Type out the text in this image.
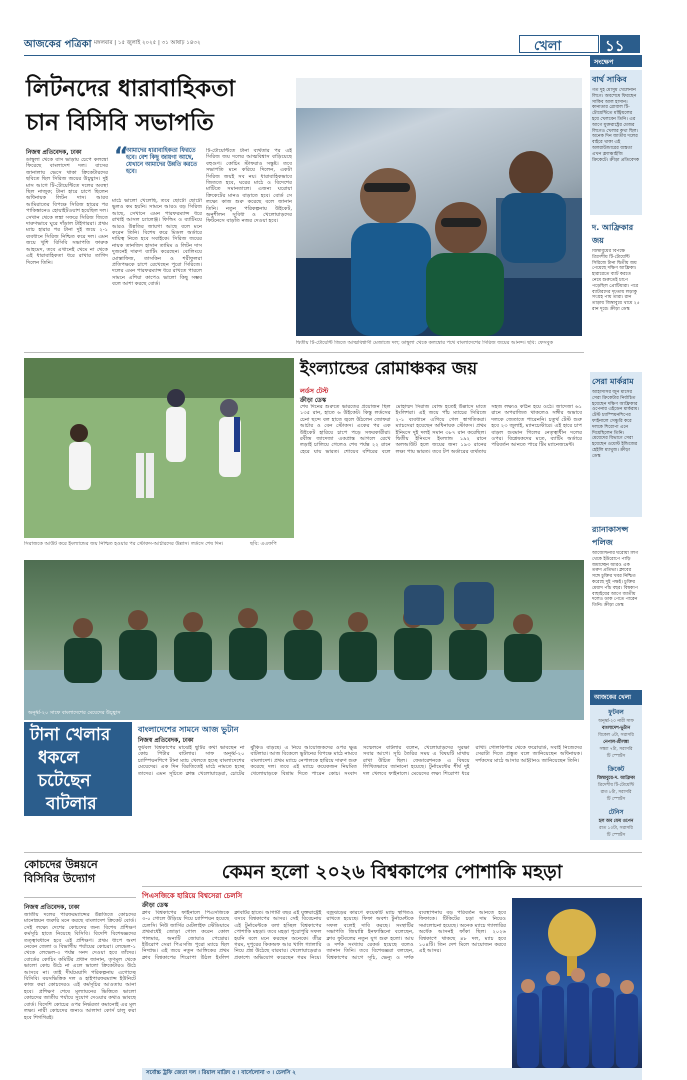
আজকের পত্রিকা মঙ্গলবার | ১৫ জুলাই ২০২৫ | ৩১ আষাঢ় ১৪৩২	খেলা	১১
লিটনদের ধারাবাহিকতা
চান বিসিবি সভাপতি
নিজস্ব প্রতিবেদক, ঢাকা
ডাম্বুলা থেকে বাস ভাড়ায় চেপে কলম্বো ফিরেছে বাংলাদেশ দল। বাসের জানালায় ভেসে থাকা ক্রিকেটারদের ছবিতে ছিল সিরিজ জয়ের উচ্ছ্বাস। দুই মাস আগে টি-টোয়েন্টিতে দলের অবস্থা ছিল নাজুক; টানা হারে চাপে ছিলেন অধিনায়ক লিটন দাস। আরব আমিরাতের বিপক্ষে সিরিজ হারের পর পাকিস্তানেও হোয়াইটওয়াশ হয়েছিল দল। সেখান থেকে লঙ্কা সফরে সিরিজ জিতে দারুণভাবে ঘুরে দাঁড়াল টাইগাররা। প্রথম ম্যাচ হারার পর টানা দুই জয়ে ২-১ ব্যবধানে সিরিজ নিশ্চিত করে দল। এমন জয়ে খুশি বিসিবি সভাপতি ফারুক আহমেদ, তবে এখানেই থেমে না থেকে এই ধারাবাহিকতা ধরে রাখার তাগিদ দিলেন তিনি।
“
আমাদের ধারাবাহিকতা ফিরতে হবে। বেশ কিছু জায়গা আছে, যেখানে আমাদের উন্নতি করতে হবে।
মাঠে ভালো খেলেছি, তবে ছোটো ছোটো ভুলও কম হয়নি। সামনে আরও বড় সিরিজ আছে, সেখানে এমন পারফরম্যান্স ধরে রাখাই আসল চ্যালেঞ্জ। ফিল্ডিং ও ব্যাটিংয়ে আরও উন্নতির জায়গা আছে বলে মনে করেন তিনি। বিশেষ করে মিডল অর্ডারে দায়িত্ব নিতে হবে সবাইকে। সিরিজ জয়ের নায়ক তানজিদ হাসান তামিম ও লিটন দাস দুজনেই দারুণ ব্যাটিং করেছেন। বোলিংয়ে মোস্তাফিজ, তাসকিন ও শরীফুলরা প্রতিপক্ষকে চাপে রেখেছেন পুরো সিরিজে। দলের এমন পারফরম্যান্স ধরে রাখতে পারলে সামনে এশিয়া কাপেও ভালো কিছু সম্ভব বলে আশা করছে বোর্ড।
টি-টোয়েন্টিতে টানা ব্যর্থতার পর এই সিরিজ জয় দলের আত্মবিশ্বাস বাড়িয়েছে বহুগুণ। কোচিং স্টাফরাও সন্তুষ্ট। তবে সভাপতি মনে করিয়ে দিলেন, একটা সিরিজ জয়ই সব নয়। ধারাবাহিকভাবে জিততে হবে, ঘরের মাঠে ও বিদেশের মাটিতে সমানতালে। এজন্য ঘরোয়া ক্রিকেটের মানও বাড়াতে হবে। বোর্ড সে লক্ষ্যে কাজ শুরু করেছে বলে জানান তিনি। নতুন পরিকল্পনায় উইকেট, অনুশীলন সুবিধা ও খেলোয়াড়দের ফিটনেসে বাড়তি নজর দেওয়া হবে।
দ্বিতীয় টি-টোয়েন্টি জিতে আত্মবিশ্বাসী মেজাজে দল; ডাম্বুলা থেকে কলম্বোর পথে বাংলাদেশের সিরিজ জয়ের আনন্দ। ছবি: ফেসবুক
সংক্ষেপ
বার্থ সাকিব
গত দুই মৌসুম খেলেননি লিগে। অবশেষে ফিরছেন সাকিব আল হাসান। কানাডার গ্লোবাল টি-টোয়েন্টিতে মন্ট্রিয়লের হয়ে খেলবেন তিনি। এর আগে যুক্তরাষ্ট্রের মেজর লিগেও খেলার কথা ছিল। অনেক দিন জাতীয় দলের বাইরে থাকা এই অলরাউন্ডারের ব্যস্ততা এখন ফ্র্যাঞ্চাইজি ক্রিকেটে। ক্রীড়া প্রতিবেদক
দ. আফ্রিকার জয়
জিম্বাবুয়ের বিপক্ষে ত্রিদেশীয় টি-টোয়েন্টি সিরিজে টানা দ্বিতীয় জয় পেয়েছে দক্ষিণ আফ্রিকা। হারারেতে ব্যাট করতে নেমে শুরুতেই চাপে পড়েছিল প্রোটিয়ারা। পরে ব্যাটারদের দৃঢ়তায় লড়াকু সংগ্রহ পায় তারা। রান তাড়ায় জিম্বাবুয়ে থামে ২৫ রান দূরে। ক্রীড়া ডেস্ক
সেরা মার্করাম
আইসিসির জুন মাসের সেরা ক্রিকেটার নির্বাচিত হয়েছেন দক্ষিণ আফ্রিকার ওপেনার এইডেন মার্করাম। টেস্ট চ্যাম্পিয়নশিপের ফাইনালে সেঞ্চুরি করে দলকে শিরোপা এনে দিয়েছিলেন তিনি। মেয়েদের বিভাগে সেরা হয়েছেন ওয়েস্ট ইন্ডিজের হেইলি ম্যাথুজ। ক্রীড়া ডেস্ক
র‍্যানাকাসপ্স পলিজ
আর্জেন্টিনার ঘরোয়া লিগ থেকে ইউরোপে পাড়ি জমাচ্ছেন আরও এক তরুণ প্রতিভা। ক্লাবের সঙ্গে চুক্তির খবর নিশ্চিত করেছে দুই পক্ষই। চুক্তির মেয়াদ পাঁচ বছর। বিশ্বকাপ বাছাইয়ের আগে জাতীয় দলেও ডাক পেতে পারেন তিনি। ক্রীড়া ডেস্ক
সিরাজকে আউট করে ইংল্যান্ডের জয় নিশ্চিত হওয়ার পর স্টোকস-আর্চারদের উল্লাস। লর্ডসে শেষ দিন।	ছবি: এএফপি
ইংল্যান্ডের রোমাঞ্চকর জয়
লর্ডস টেস্ট
ক্রীড়া ডেস্ক
শেষ দিনের শুরুতে ভারতের প্রয়োজন ছিল ১৩৫ রান, হাতে ৬ উইকেট। কিন্তু লর্ডসের চেনা ছন্দে বল হাতে জ্বলে উঠলেন জোফরা আর্চার ও বেন স্টোকস। একের পর এক উইকেট হারিয়ে চাপে পড়ে সফরকারীরা। রবীন্দ্র জাদেজা একপ্রান্ত আগলে রেখে লড়াই চালিয়ে গেলেও শেষ পর্যন্ত ২২ রানে হেরে যায় ভারত। শোয়েব বশিরের বলে মোহাম্মদ সিরাজ বোল্ড হতেই উল্লাসে মাতে ইংলিশরা। এই জয়ে পাঁচ ম্যাচের সিরিজে ২-১ ব্যবধানে এগিয়ে গেল স্বাগতিকরা। ম্যাচসেরা হয়েছেন অধিনায়ক স্টোকস। প্রথম ইনিংসে দুই দলই সমান ৩৮৭ রান করেছিল। দ্বিতীয় ইনিংসে ইংল্যান্ড ১৯২ রানে অলআউট হলে জয়ের জন্য ১৯৩ রানের লক্ষ্য পায় ভারত। তবে টপ অর্ডারের ব্যর্থতায় সহজ লক্ষ্যও কঠিন হয়ে ওঠে। জাদেজা ৬১ রানে অপরাজিত থাকলেও সঙ্গীর অভাবে দলকে জেতাতে পারেননি। চতুর্থ টেস্ট শুরু হবে ২৩ জুলাই, ম্যানচেস্টারে। এই হারে চাপ বাড়ল শুবমান গিলের নেতৃত্বাধীন দলের ওপর। বিশ্লেষকদের মতে, ব্যাটিং অর্ডারে পরিবর্তন আনতে পারে টিম ম্যানেজমেন্ট।
অনূর্ধ্ব-২০ সাফে বাংলাদেশের মেয়েদের উচ্ছ্বাস
টানা খেলার
ধকলে
চটেছেন
বাটলার
বাংলাদেশের সামনে আজ ভুটান
নিজস্ব প্রতিবেদক, ঢাকা
ফুটবল বিশ্বকাপের মাঝেই ছুটির কথা ভাবছেন না কোচ পিটার বাটলার। সাফ অনূর্ধ্ব-২০ চ্যাম্পিয়নশিপে টানা ম্যাচ খেলতে হচ্ছে বাংলাদেশের মেয়েদের। এক দিন বিরতিতেই মাঠে নামতে হচ্ছে তাদের। এমন সূচিতে ক্লান্ত খেলোয়াড়েরা, চোটের ঝুঁকিও বাড়ছে। এ নিয়ে আয়োজকদের ওপর ক্ষুব্ধ বাটলার। আজ বিকেলে ভুটানের বিপক্ষে মাঠে নামবে বাংলাদেশ। প্রথম ম্যাচে নেপালকে হারিয়ে দারুণ শুরু করেছে দল। তবে এই ম্যাচে কয়েকজন নিয়মিত খেলোয়াড়কে বিশ্রাম দিতে পারেন কোচ। সংবাদ সম্মেলনে বাটলার বলেন, খেলোয়াড়দের সুরক্ষা সবার আগে। সূচি তৈরির সময় এ বিষয়টি মাথায় রাখা উচিত ছিল। ফেডারেশনকে এ বিষয়ে লিখিতভাবে জানানো হয়েছে। টুর্নামেন্টের শীর্ষ দুই দল খেলবে ফাইনালে। মেয়েদের লক্ষ্য শিরোপা ধরে রাখা। গোলকিপার থেকে ফরোয়ার্ড, সবাই নিজেদের সেরাটা দিতে প্রস্তুত বলে জানিয়েছেন অধিনায়ক। দর্শকদের মাঠে আসার আহ্বানও জানিয়েছেন তিনি।
আজকের খেলা
ফুটবল
অনূর্ধ্ব-২০ নারী সাফ
বাংলাদেশ-ভুটান
বিকেল ৫টা, সরাসরি
নেপাল-শ্রীলঙ্কা
সন্ধ্যা ৭টা, সরাসরি
টি স্পোর্টস
ক্রিকেট
জিম্বাবুয়ে-দ. আফ্রিকা
ত্রিদেশীয় টি-টোয়েন্টি
রাত ৮টা, সরাসরি
টি স্পোর্টস
টেনিস
হল অব ফেম ওপেন
রাত ১০টা, সরাসরি
টি স্পোর্টস
কোচদের উন্নয়নে
বিসিবির উদ্যোগ
নিজস্ব প্রতিবেদক, ঢাকা
জাতীয় দলের পারফরম্যান্সের উন্নতিতে কোচদের মানোন্নয়ন জরুরি মনে করছে বাংলাদেশ ক্রিকেট বোর্ড। সেই লক্ষ্যে দেশের কোচদের জন্য বিশেষ প্রশিক্ষণ কর্মসূচি হাতে নিয়েছে বিসিবি। বিদেশি বিশেষজ্ঞদের তত্ত্বাবধানে হবে এই প্রশিক্ষণ। প্রথম ধাপে অংশ নেবেন জেলা ও বিভাগীয় পর্যায়ের কোচরা। লেভেল-১ থেকে লেভেল-৩ পর্যন্ত সনদ দেওয়া হবে তাঁদের। বোর্ডের কোচিং কমিটির প্রধান জানান, তৃণমূল থেকে ভালো কোচ উঠে না এলে ভালো ক্রিকেটারও উঠে আসবে না। তাই দীর্ঘমেয়াদি পরিকল্পনায় এগোচ্ছে বিসিবি। বয়সভিত্তিক দল ও হাইপারফরম্যান্স ইউনিটে কাজ করা কোচদেরও এই কর্মসূচির আওতায় আনা হবে। প্রশিক্ষণ শেষে মূল্যায়নের ভিত্তিতে ভালো কোচদের জাতীয় পর্যায়ে সুযোগ দেওয়ার কথাও ভাবছে বোর্ড। বিদেশি কোচের ওপর নির্ভরতা কমানোই এর মূল লক্ষ্য। নারী কোচদের জন্যও আলাদা কোর্স চালু করা হবে শিগগিরই।
কেমন হলো ২০২৬ বিশ্বকাপের পোশাকি মহড়া
পিএসজিকে হারিয়ে বিশ্বসেরা চেলসি
ক্রীড়া ডেস্ক
ক্লাব বিশ্বকাপের ফাইনালে পিএসজিকে ৩-০ গোলে উড়িয়ে দিয়ে চ্যাম্পিয়ন হয়েছে চেলসি। নিউ জার্সির মেটলাইফ স্টেডিয়ামে প্রথমার্ধেই জোড়া গোল করেন কোল পালমার, অন্যটি জোয়াও পেদ্রোর। ইউরোপ সেরা পিএসজি পুরো ম্যাচে ছিল নিষ্প্রভ। এই জয়ে নতুন আঙ্গিকের প্রথম ক্লাব বিশ্বকাপের শিরোপা উঠল ইংলিশ ক্লাবটির হাতে। আগামী বছর এই যুক্তরাষ্ট্রেই বসবে বিশ্বকাপের আসর। সেই বিবেচনায় এই টুর্নামেন্টকে বলা হচ্ছিল বিশ্বকাপের পোশাকি মহড়া। তবে মহড়া পুরোপুরি সফল হয়নি বলে মনে করছেন অনেকে। তীব্র গরম, দুপুরের কিকঅফ আর খালি গ্যালারি নিয়ে প্রশ্ন উঠেছে বারবার। খেলোয়াড়েরাও প্রকাশ্যে অভিযোগ করেছেন গরম নিয়ে। বজ্রঝড়ের কারণে কয়েকটি ম্যাচ স্থগিতও রাখতে হয়েছে। ফিফা অবশ্য টুর্নামেন্টকে সফল বলেই দাবি করছে। সংস্থাটির সভাপতি জিয়ান্নি ইনফান্তিনো বলেছেন, ক্লাব ফুটবলের নতুন যুগ শুরু হলো। আয় ও দর্শক সংখ্যায় রেকর্ড হয়েছে বলেও জানান তিনি। তবে বিশেষজ্ঞরা বলছেন, বিশ্বকাপের আগে সূচি, ভেন্যু ও দর্শক ব্যবস্থাপনায় বড় পরিবর্তন আনতে হবে ফিফাকে। টিকিটের চড়া দাম নিয়েও সমালোচনা হয়েছে। অনেক ম্যাচে গ্যালারির অর্ধেক আসনই ফাঁকা ছিল। ২০২৬ বিশ্বকাপে থাকছে ৪৮ দল, ম্যাচ হবে ১০৪টি। তিন দেশ মিলে আয়োজন করবে এই আসর।
সর্বোচ্চ ট্রফি জেতা দল । রিয়াল মাদ্রিদ ৫ । বার্সেলোনা ৩ । চেলসি ২
